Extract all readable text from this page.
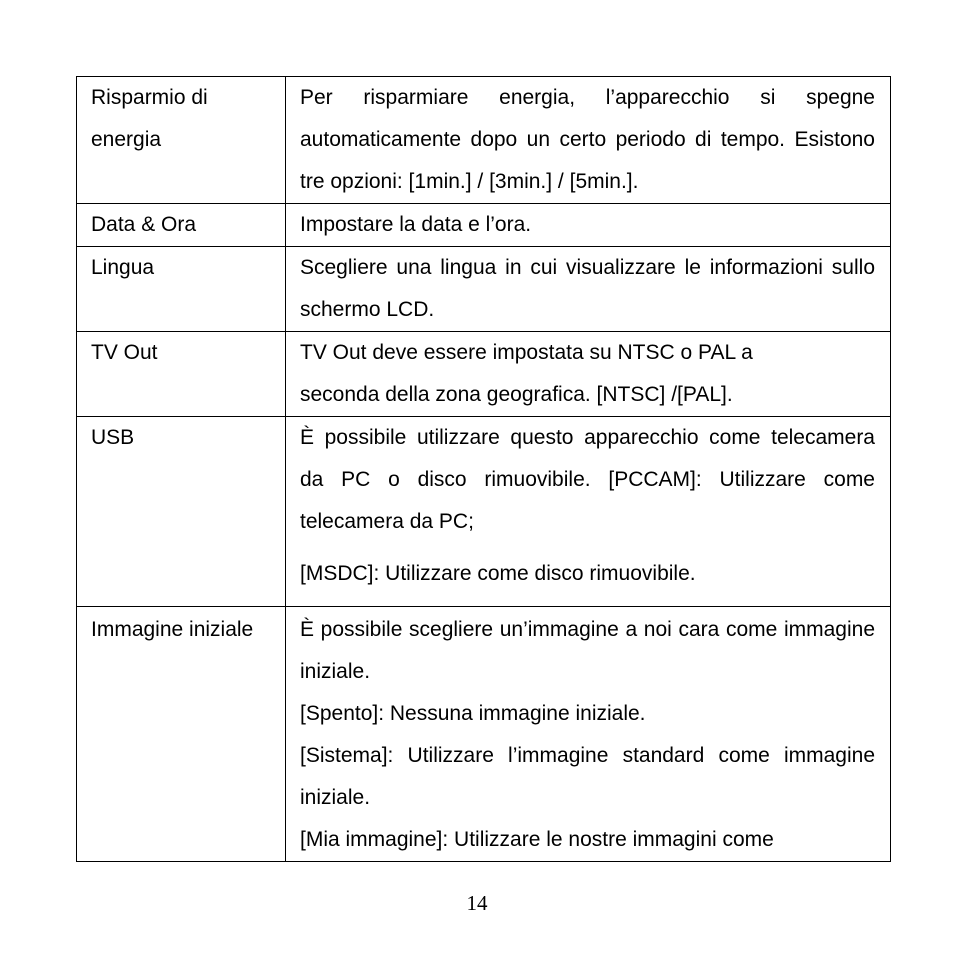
Risparmio di energia	Per risparmiare energia, l’apparecchio si spegne automaticamente dopo un certo periodo di tempo. Esistono tre opzioni: [1min.] / [3min.] / [5min.].

Data & Ora	Impostare la data e l’ora.

Lingua	Scegliere una lingua in cui visualizzare le informazioni sullo schermo LCD.

TV Out	TV Out deve essere impostata su NTSC o PAL a seconda della zona geografica. [NTSC] /[PAL].

USB	È possibile utilizzare questo apparecchio come telecamera da PC o disco rimuovibile. [PCCAM]: Utilizzare come telecamera da PC;

[MSDC]: Utilizzare come disco rimuovibile.

Immagine iniziale	È possibile scegliere un’immagine a noi cara come immagine iniziale.

[Spento]: Nessuna immagine iniziale.

[Sistema]: Utilizzare l’immagine standard come immagine iniziale.

[Mia immagine]: Utilizzare le nostre immagini come

14
